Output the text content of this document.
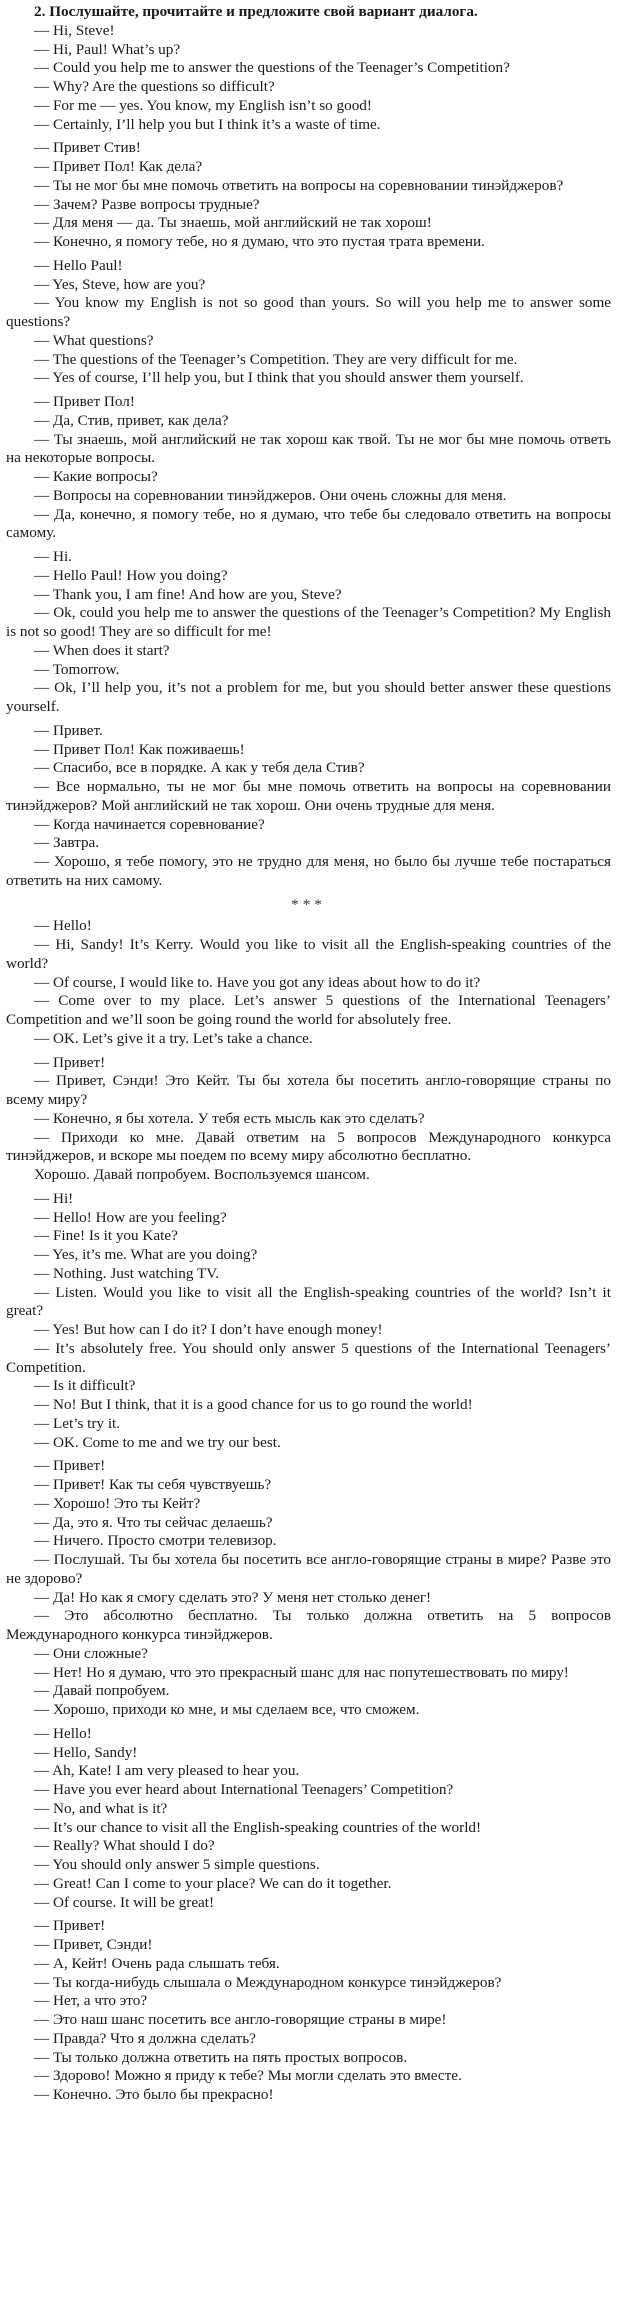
2. Послушайте, прочитайте и предложите свой вариант диалога.
— Hi, Steve!
— Hi, Paul! What’s up?
— Could you help me to answer the questions of the Teenager’s Competition?
— Why? Are the questions so difficult?
— For me — yes. You know, my English isn’t so good!
— Certainly, I’ll help you but I think it’s a waste of time.
— Привет Стив!
— Привет Пол! Как дела?
— Ты не мог бы мне помочь ответить на вопросы на соревновании тинэйджеров?
— Зачем? Разве вопросы трудные?
— Для меня — да. Ты знаешь, мой английский не так хорош!
— Конечно, я помогу тебе, но я думаю, что это пустая трата времени.
— Hello Paul!
— Yes, Steve, how are you?
— You know my English is not so good than yours. So will you help me to answer some questions?
— What questions?
— The questions of the Teenager’s Competition. They are very difficult for me.
— Yes of course, I’ll help you, but I think that you should answer them yourself.
— Привет Пол!
— Да, Стив, привет, как дела?
— Ты знаешь, мой английский не так хорош как твой. Ты не мог бы мне помочь ответь на некоторые вопросы.
— Какие вопросы?
— Вопросы на соревновании тинэйджеров. Они очень сложны для меня.
— Да, конечно, я помогу тебе, но я думаю, что тебе бы следовало ответить на вопросы самому.
— Hi.
— Hello Paul! How you doing?
— Thank you, I am fine! And how are you, Steve?
— Ok, could you help me to answer the questions of the Teenager’s Competition? My English is not so good! They are so difficult for me!
— When does it start?
— Tomorrow.
— Ok, I’ll help you, it’s not a problem for me, but you should better answer these questions yourself.
— Привет.
— Привет Пол! Как поживаешь!
— Спасибо, все в порядке. А как у тебя дела Стив?
— Все нормально, ты не мог бы мне помочь ответить на вопросы на соревновании тинэйджеров? Мой английский не так хорош. Они очень трудные для меня.
— Когда начинается соревнование?
— Завтра.
— Хорошо, я тебе помогу, это не трудно для меня, но было бы лучше тебе постараться ответить на них самому.
***
— Hello!
— Hi, Sandy! It’s Kerry. Would you like to visit all the English-speaking countries of the world?
— Of course, I would like to. Have you got any ideas about how to do it?
— Come over to my place. Let’s answer 5 questions of the International Teenagers’ Competition and we’ll soon be going round the world for absolutely free.
— OK. Let’s give it a try. Let’s take a chance.
— Привет!
— Привет, Сэнди! Это Кейт. Ты бы хотела бы посетить англо-говорящие страны по всему миру?
— Конечно, я бы хотела. У тебя есть мысль как это сделать?
— Приходи ко мне. Давай ответим на 5 вопросов Международного конкурса тинэйджеров, и вскоре мы поедем по всему миру абсолютно бесплатно.
Хорошо. Давай попробуем. Воспользуемся шансом.
— Hi!
— Hello! How are you feeling?
— Fine! Is it you Kate?
— Yes, it’s me. What are you doing?
— Nothing. Just watching TV.
— Listen. Would you like to visit all the English-speaking countries of the world? Isn’t it great?
— Yes! But how can I do it? I don’t have enough money!
— It’s absolutely free. You should only answer 5 questions of the International Teenagers’ Competition.
— Is it difficult?
— No! But I think, that it is a good chance for us to go round the world!
— Let’s try it.
— OK. Come to me and we try our best.
— Привет!
— Привет! Как ты себя чувствуешь?
— Хорошо! Это ты Кейт?
— Да, это я. Что ты сейчас делаешь?
— Ничего. Просто смотри телевизор.
— Послушай. Ты бы хотела бы посетить все англо-говорящие страны в мире? Разве это не здорово?
— Да! Но как я смогу сделать это? У меня нет столько денег!
— Это абсолютно бесплатно. Ты только должна ответить на 5 вопросов Международного конкурса тинэйджеров.
— Они сложные?
— Нет! Но я думаю, что это прекрасный шанс для нас попутешествовать по миру!
— Давай попробуем.
— Хорошо, приходи ко мне, и мы сделаем все, что сможем.
— Hello!
— Hello, Sandy!
— Ah, Kate! I am very pleased to hear you.
— Have you ever heard about International Teenagers’ Competition?
— No, and what is it?
— It’s our chance to visit all the English-speaking countries of the world!
— Really? What should I do?
— You should only answer 5 simple questions.
— Great! Can I come to your place? We can do it together.
— Of course. It will be great!
— Привет!
— Привет, Сэнди!
— А, Кейт! Очень рада слышать тебя.
— Ты когда-нибудь слышала о Международном конкурсе тинэйджеров?
— Нет, а что это?
— Это наш шанс посетить все англо-говорящие страны в мире!
— Правда? Что я должна сделать?
— Ты только должна ответить на пять простых вопросов.
— Здорово! Можно я приду к тебе? Мы могли сделать это вместе.
— Конечно. Это было бы прекрасно!
